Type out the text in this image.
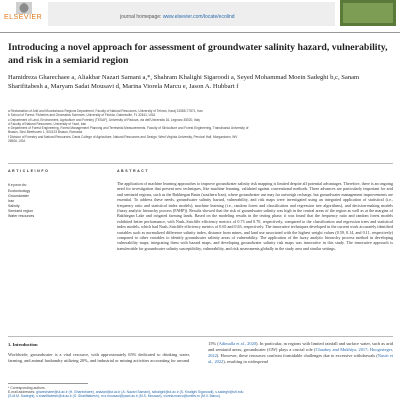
ELSEVIER	journal homepage: www.elsevier.com/locate/ecolind
Introducing a novel approach for assessment of groundwater salinity hazard, vulnerability, and risk in a semiarid region
Hamidreza Gharechaee a, Aliakbar Nazari Samani a,*, Shahram Khalighi Sigaroodi a, Seyed Mohammad Moein Sadeghi b,c, Sanam Sharifitabesh a, Maryam Sadat Mousavi d, Marina Viorela Marcu e, Jason A. Hubbart f
a Reclamation of Arid and Mountainous Regions Department, Faculty of Natural Resources, University of Tehran, Karaj 31585-77871, Iran
b School of Forest, Fisheries and Geomatics Sciences, University of Florida, Gainesville, FL 32611, USA
c Department of Land, Environment, Agriculture and Forestry (TESAF), University of Padova, via dell'Università 16, Legnaro 35020, Italy
d Faculty of Natural Resources, University of Yazd, Iran
e Department of Forest Engineering, Forest Management Planning and Terrestrial Measurements, Faculty of Silviculture and Forest Engineering, Transilvania University of
Brasov, Șirul Beethoven 1, 500123 Brasov, Romania
f Division of Forestry and Natural Resources, Davis College of Agriculture, Natural Resources and Design, West Virginia University, Percival Hall, Morgantown, WV
26506, USA
A R T I C L E I N F O	A B S T R A C T
Keywords:
Ecotoxicology
Groundwater
Iran
Salinity
Semiarid region
Water resources
The application of machine learning approaches to improve groundwater salinity risk mapping is limited despite all potential advantages. Therefore, there is an ongoing need for investigation that present new techniques, like machine learning, validated against conventional methods. These advances are particularly important for arid and semiarid regions, such as the Bakhtegan Basin (southern Iran), where groundwater use may far outweigh recharge, but groundwater management improvements are essential. To address these needs, groundwater salinity hazard, vulnerability, and risk maps were investigated using an integrated application of statistical (i.e., frequency ratio and statistical index models), machine learning (i.e., random forest and classification and regression tree algorithms), and decision-making models (fuzzy analytic hierarchy process (FAHP)). Results showed that the risk of groundwater salinity was high in the central areas of the region as well as at the margins of Bakhtegan Lake and irrigated farming lands. Based on the modeling results in the testing phase, it was found that the frequency ratio and random forest models exhibited better performance, with Nash–Sutcliffe efficiency metrics of 0.73 and 0.70, respectively, compared to the classification and regression trees and statistical index models, which had Nash–Sutcliffe efficiency metrics of 0.65 and 0.63, respectively. The innovative techniques developed in the current work accurately identified variables such as normalized difference salinity index, distance from mines, and land use associated with the highest weight values (0.59, 0.14, and 0.11, respectively) compared to other variables to identify groundwater salinity areas of vulnerability. The application of the fuzzy analytic hierarchy process method in developing vulnerability maps, integrating them with hazard maps, and developing groundwater salinity risk maps was innovative in this study. The innovative approach is transferrable for groundwater salinity susceptibility, vulnerability, and risk assessments globally in the study area and similar settings.
1. Introduction
Worldwide, groundwater is a vital resource, with approximately 65% dedicated to drinking water, farming, and animal husbandry utilizing 20%, and industrial or mining activities accounting for around
15% (Adimalla et al., 2020). In particular, in regions with limited rainfall and surface water, such as arid and semiarid areas, groundwater (GW) plays a crucial role (Chaubey and Mukhiya, 2017; Hoogesteger, 2022). However, these resources confront formidable challenges due to excessive withdrawals (Nasiri et al., 2022), resulting in widespread
* Corresponding authors.
E-mail addresses: gharechaee@ut.ac.ir (H. Gharechaee), anazari@ut.ac.ir (A. Nazari Samani), skhalighi@ut.ac.ir (S. Khalighi Sigaroodi), s.sadeghi@ufl.edu
(S.M.M. Sadeghi), s.sharifitabesh@ut.ac.ir (S. Sharifitabesh), m.s.mousavi@yazd.ac.ir (M.S. Mousavi), viorela.marcu@unitbv.ro (M.V. Marcu)
